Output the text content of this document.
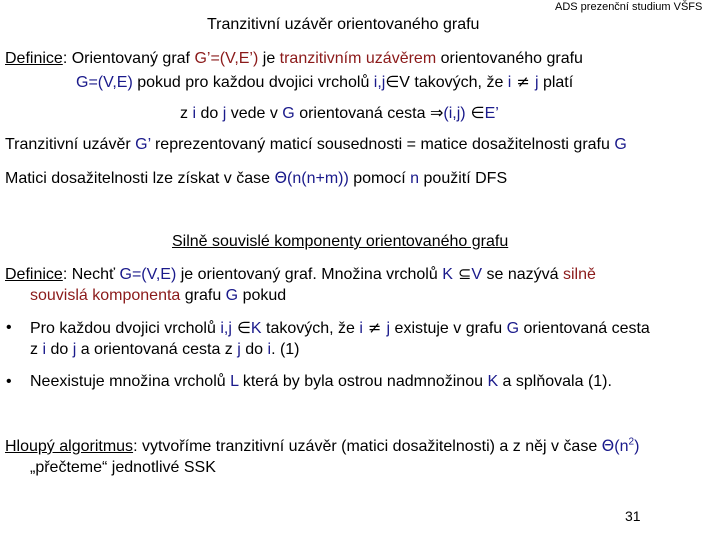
Tranzitivní uzávěr orientovaného grafu
ADS prezenční studium VŠFS
Definice: Orientovaný graf G’=(V,E’) je tranzitivním uzávěrem orientovaného grafu
G=(V,E) pokud pro každou dvojici vrcholů i,j∈V takových, že i ≠ j platí
z i do j vede v G orientovaná cesta ⇒(i,j) ∈E’
Tranzitivní uzávěr G’ reprezentovaný maticí sousednosti = matice dosažitelnosti grafu G
Matici dosažitelnosti lze získat v čase Θ(n(n+m)) pomocí n použití DFS
Silně souvislé komponenty orientovaného grafu
Definice: Nechť G=(V,E) je orientovaný graf. Množina vrcholů K ⊆V se nazývá silně
souvislá komponenta grafu G pokud
• Pro každou dvojici vrcholů i,j ∈K takových, že i ≠ j existuje v grafu G orientovaná cesta
z i do j a orientovaná cesta z j do i. (1)
• Neexistuje množina vrcholů L která by byla ostrou nadmnožinou K a splňovala (1).
Hloupý algoritmus: vytvoříme tranzitivní uzávěr (matici dosažitelnosti) a z něj v čase $\Theta(n^2)$
„přečteme“ jednotlivé SSK
31
